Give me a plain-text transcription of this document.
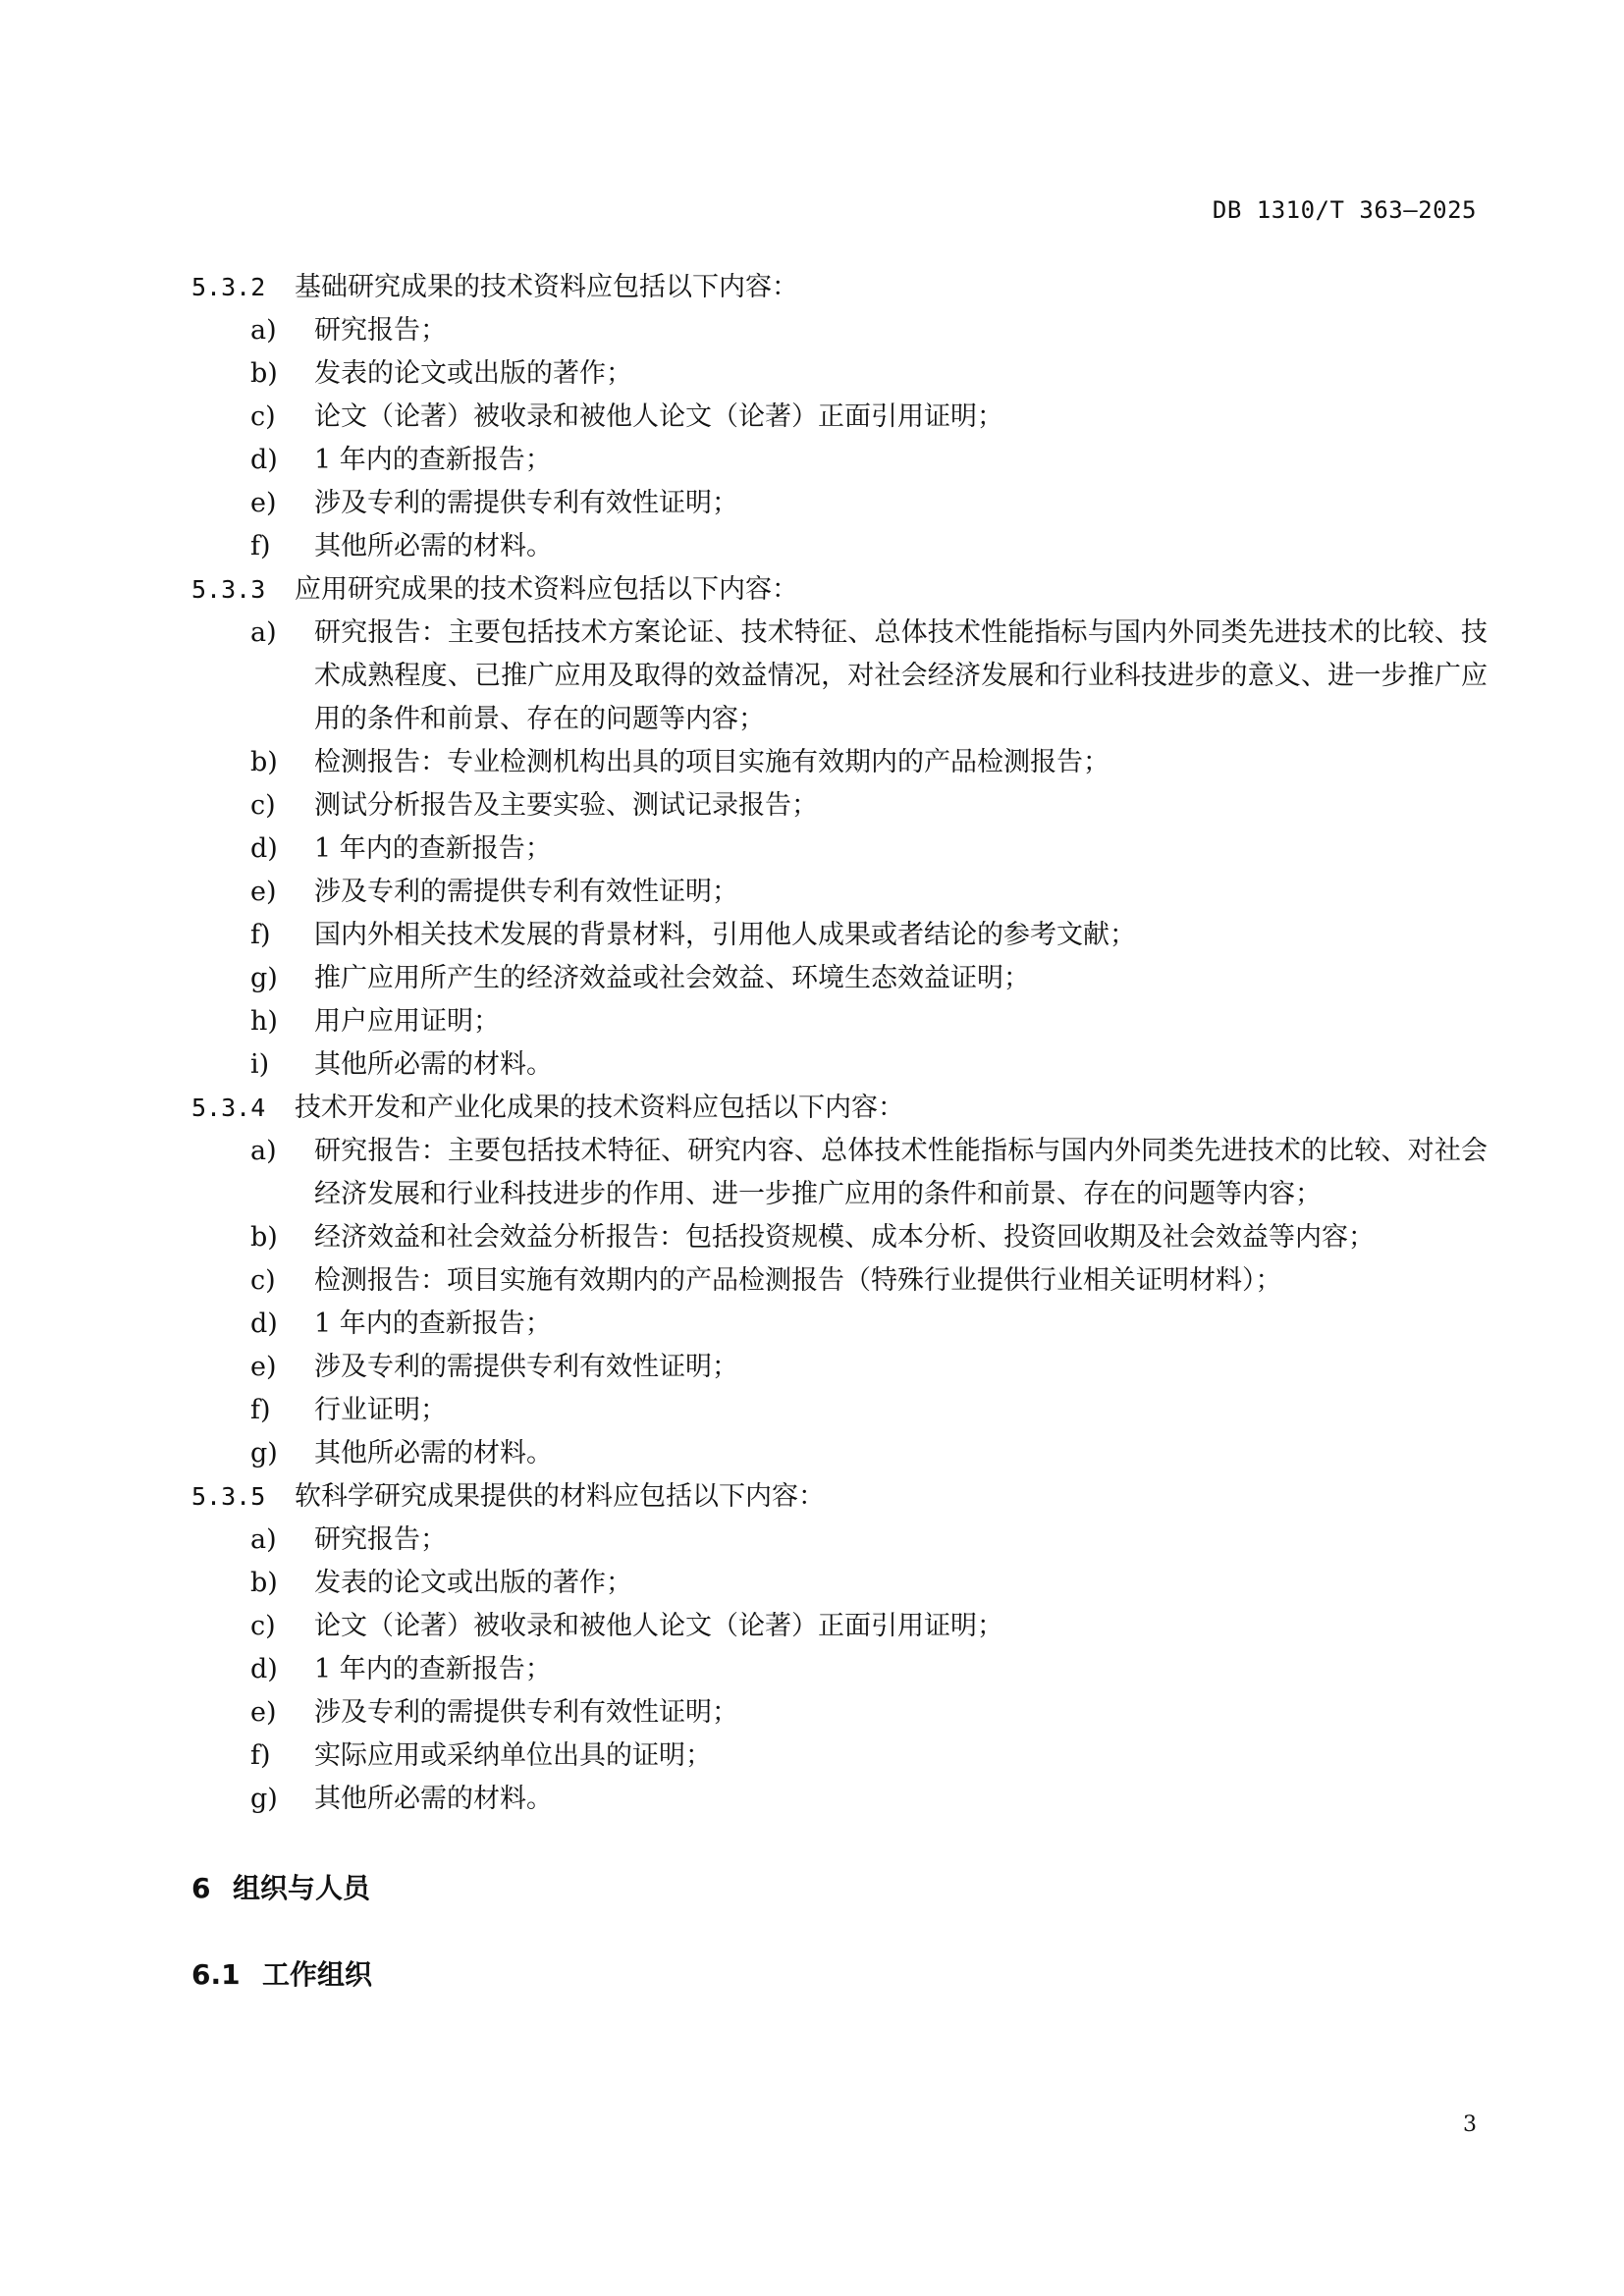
DB 1310/T 363—2025
5.3.2 基础研究成果的技术资料应包括以下内容：
a) 研究报告；
b) 发表的论文或出版的著作；
c) 论文（论著）被收录和被他人论文（论著）正面引用证明；
d) 1 年内的查新报告；
e) 涉及专利的需提供专利有效性证明；
f) 其他所必需的材料。
5.3.3 应用研究成果的技术资料应包括以下内容：
a) 研究报告：主要包括技术方案论证、技术特征、总体技术性能指标与国内外同类先进技术的比较、技术成熟程度、已推广应用及取得的效益情况，对社会经济发展和行业科技进步的意义、进一步推广应用的条件和前景、存在的问题等内容；
b) 检测报告：专业检测机构出具的项目实施有效期内的产品检测报告；
c) 测试分析报告及主要实验、测试记录报告；
d) 1 年内的查新报告；
e) 涉及专利的需提供专利有效性证明；
f) 国内外相关技术发展的背景材料，引用他人成果或者结论的参考文献；
g) 推广应用所产生的经济效益或社会效益、环境生态效益证明；
h) 用户应用证明；
i) 其他所必需的材料。
5.3.4 技术开发和产业化成果的技术资料应包括以下内容：
a) 研究报告：主要包括技术特征、研究内容、总体技术性能指标与国内外同类先进技术的比较、对社会经济发展和行业科技进步的作用、进一步推广应用的条件和前景、存在的问题等内容；
b) 经济效益和社会效益分析报告：包括投资规模、成本分析、投资回收期及社会效益等内容；
c) 检测报告：项目实施有效期内的产品检测报告（特殊行业提供行业相关证明材料）；
d) 1 年内的查新报告；
e) 涉及专利的需提供专利有效性证明；
f) 行业证明；
g) 其他所必需的材料。
5.3.5 软科学研究成果提供的材料应包括以下内容：
a) 研究报告；
b) 发表的论文或出版的著作；
c) 论文（论著）被收录和被他人论文（论著）正面引用证明；
d) 1 年内的查新报告；
e) 涉及专利的需提供专利有效性证明；
f) 实际应用或采纳单位出具的证明；
g) 其他所必需的材料。
6 组织与人员
6.1 工作组织
3
